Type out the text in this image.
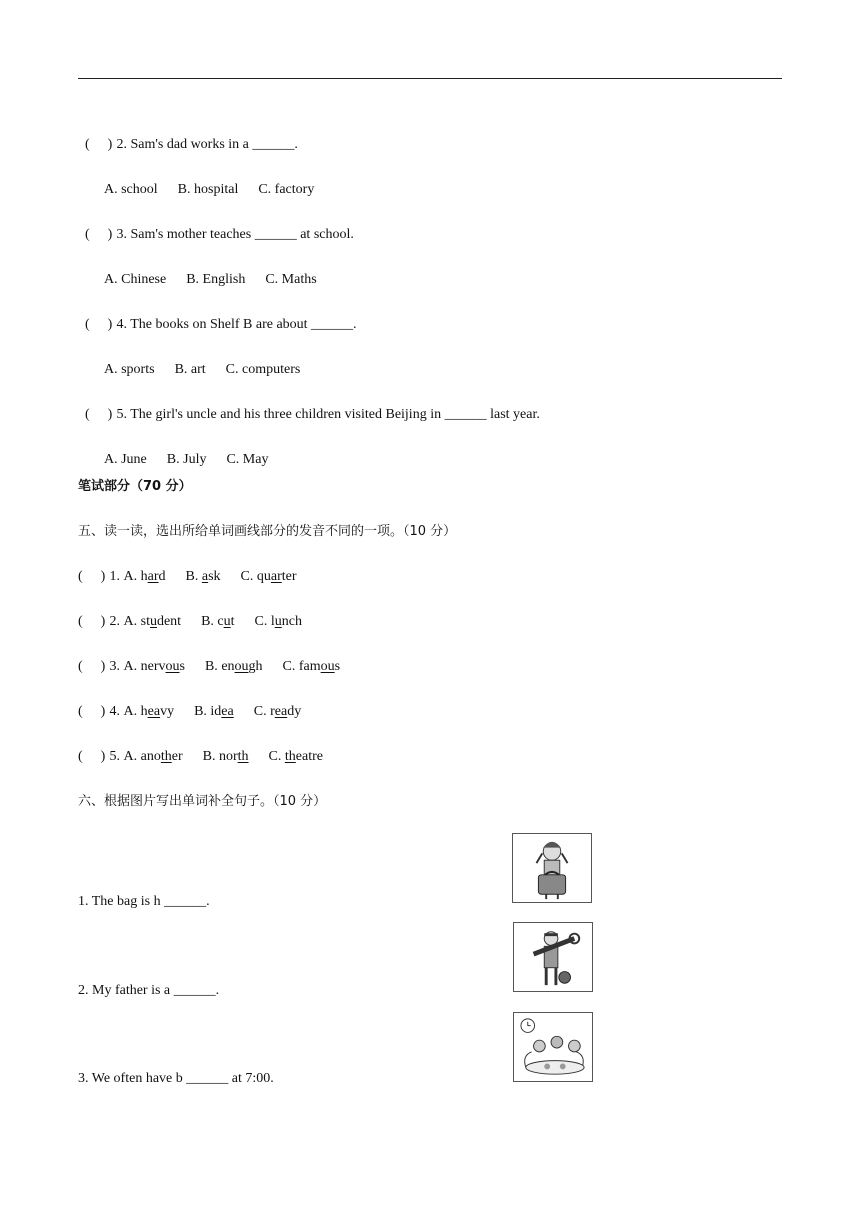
( ) 2. Sam's dad works in a ______.

A. school B. hospital C. factory

( ) 3. Sam's mother teaches ______ at school.

A. Chinese B. English C. Maths

( ) 4. The books on Shelf B are about ______.

A. sports B. art C. computers

( ) 5. The girl's uncle and his three children visited Beijing in ______ last year.

A. June B. July C. May

笔试部分（70 分）
五、读一读，选出所给单词画线部分的发音不同的一项。（10 分）
( ) 1. A. hard B. ask C. quarter
( ) 2. A. student B. cut C. lunch
( ) 3. A. nervous B. enough C. famous
( ) 4. A. heavy B. idea C. ready
( ) 5. A. another B. north C. theatre
六、根据图片写出单词补全句子。（10 分）
1. The bag is h ______.
2. My father is a ______.
3. We often have b ______ at 7:00.
